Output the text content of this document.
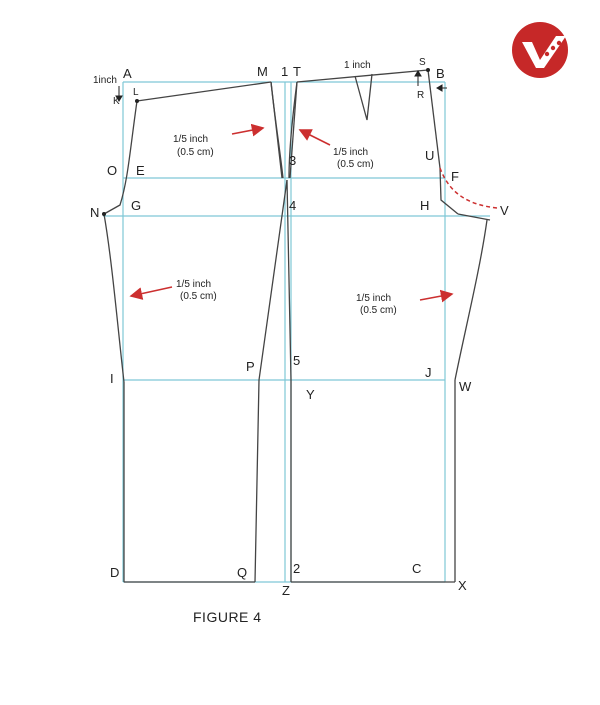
A
K
L
M 1 T
S
B
R
O E
3	U
F
N G	4	H	V
P	5
J
I
W
Y
D	Q	2	C
X
Z
1inch
1 inch
1/5 inch
(0.5 cm)	1/5 inch
(0.5 cm)
1/5 inch
(0.5 cm)	1/5 inch
(0.5 cm)
FIGURE 4
